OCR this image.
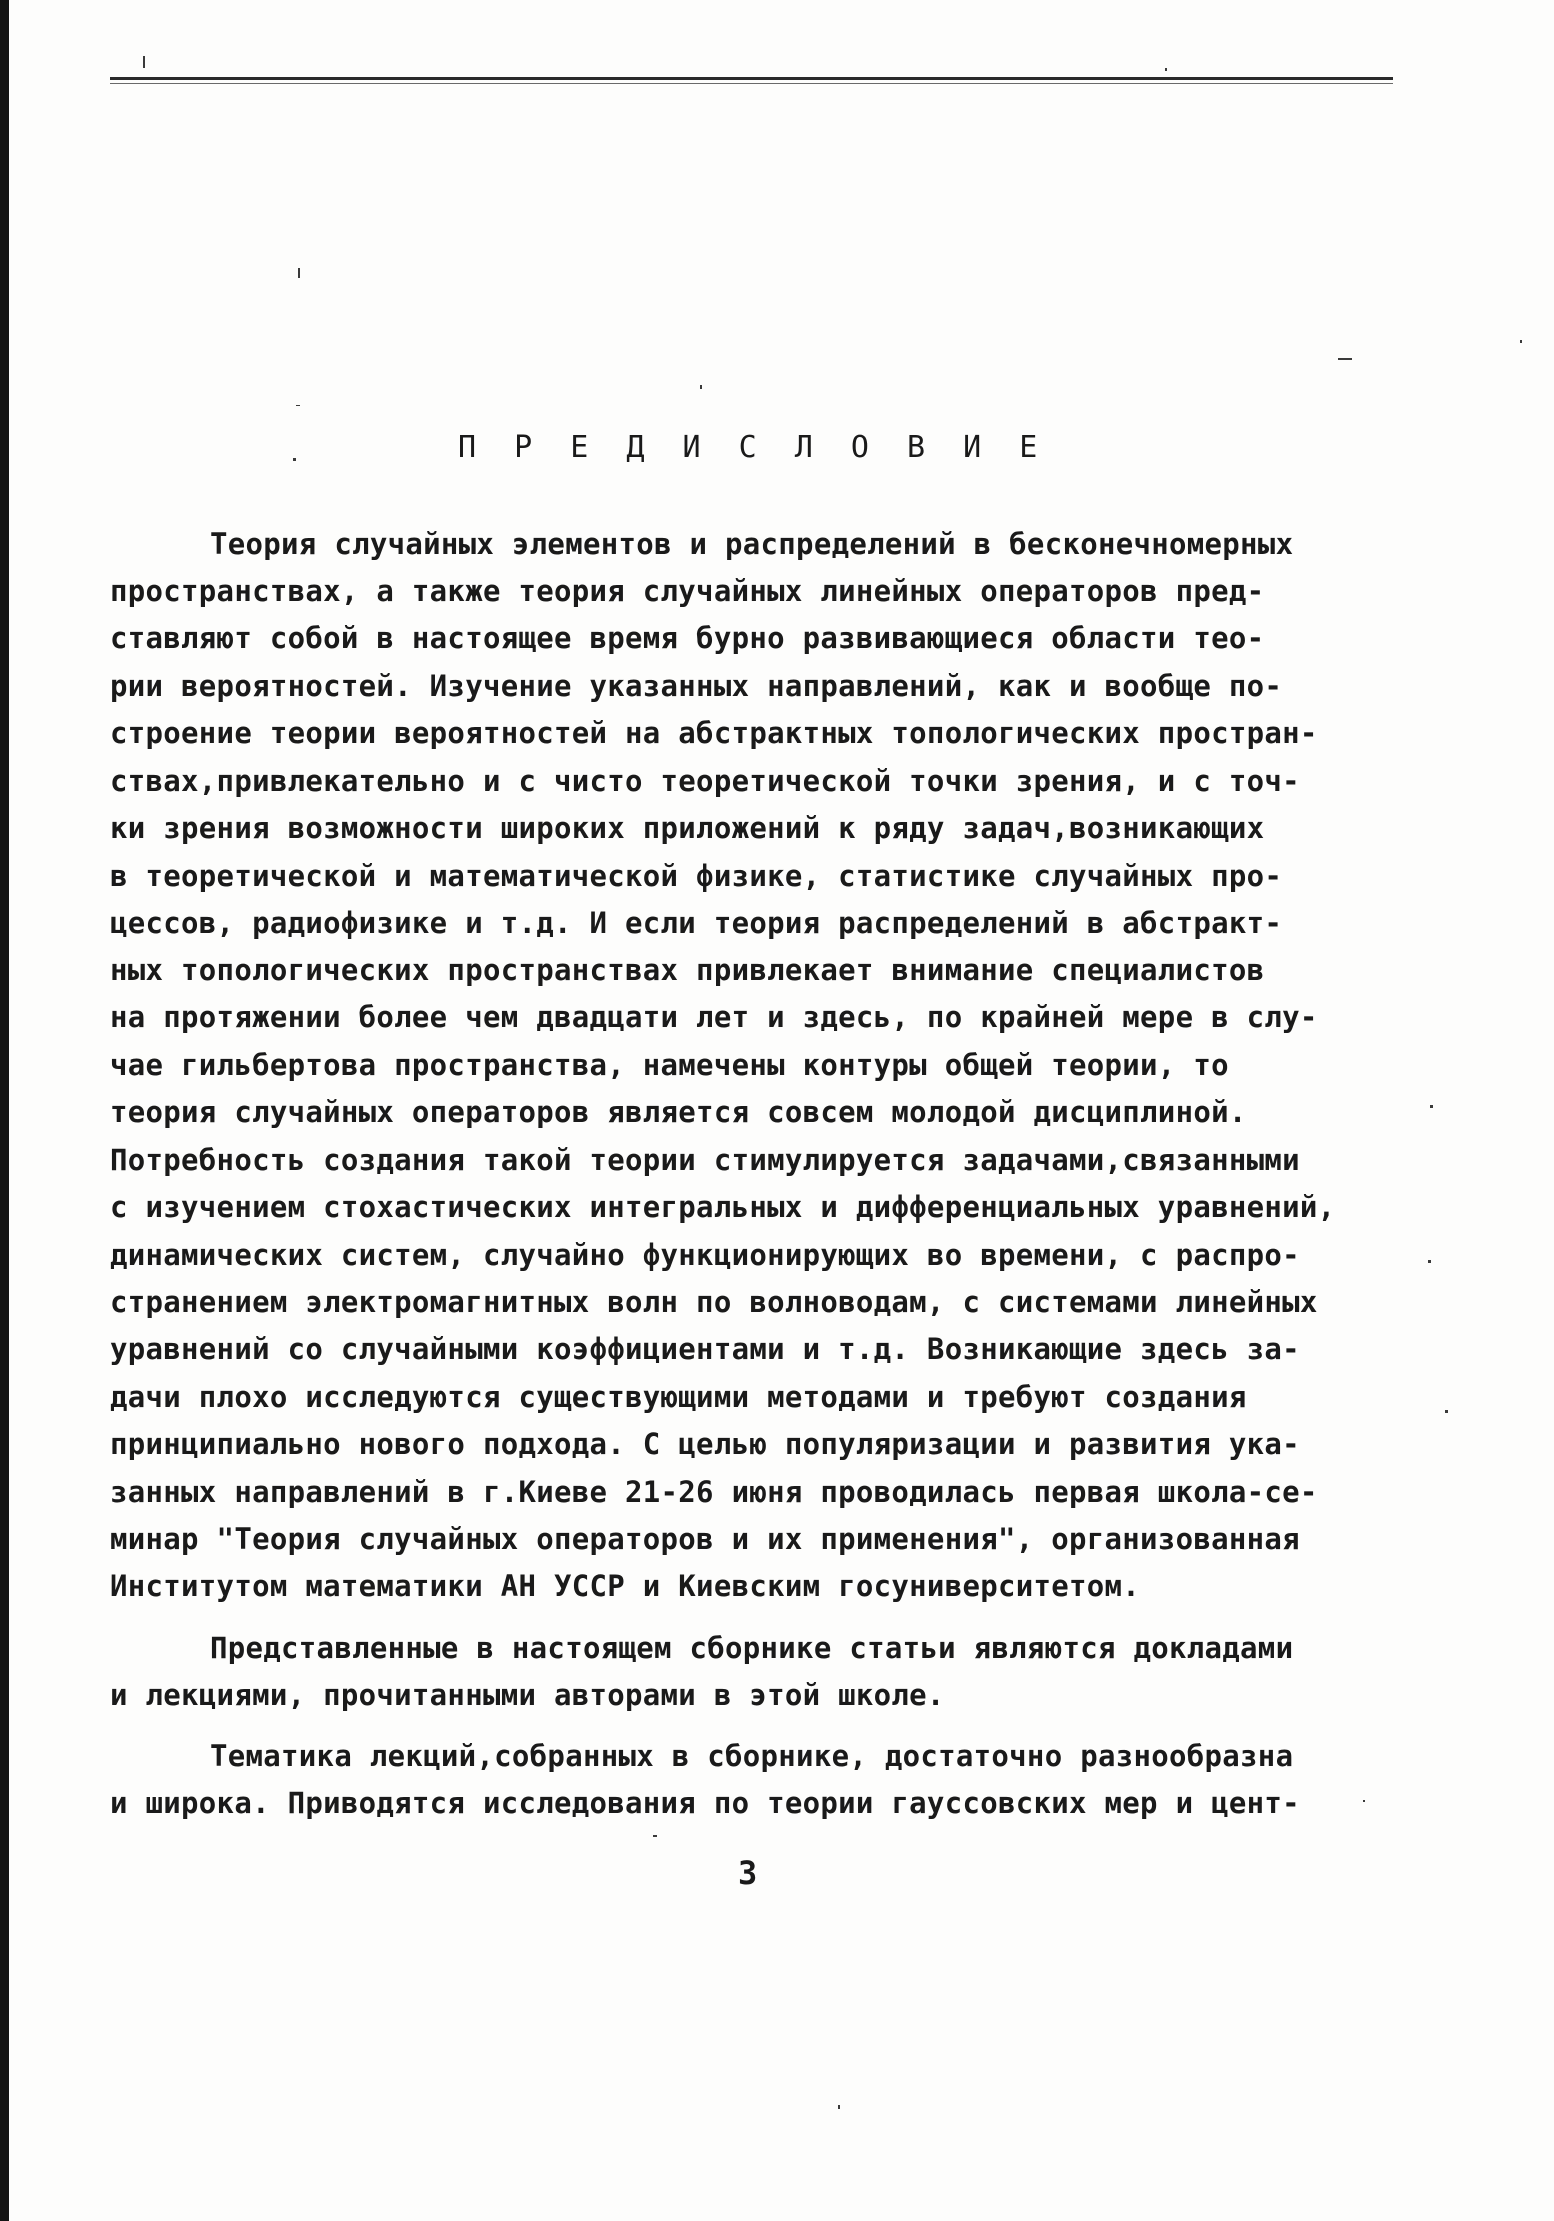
П Р Е Д И С Л О В И Е

Теория случайных элементов и распределений в бесконечномерных

пространствах, а также теория случайных линейных операторов пред-

ставляют собой в настоящее время бурно развивающиеся области тео-

рии вероятностей. Изучение указанных направлений, как и вообще по-

строение теории вероятностей на абстрактных топологических простран-

ствах,привлекательно и с чисто теоретической точки зрения, и с точ-

ки зрения возможности широких приложений к ряду задач,возникающих

в теоретической и математической физике, статистике случайных про-

цессов, радиофизике и т.д. И если теория распределений в абстракт-

ных топологических пространствах привлекает внимание специалистов

на протяжении более чем двадцати лет и здесь, по крайней мере в слу-

чае гильбертова пространства, намечены контуры общей теории, то

теория случайных операторов является совсем молодой дисциплиной.

Потребность создания такой теории стимулируется задачами,связанными

с изучением стохастических интегральных и дифференциальных уравнений,

динамических систем, случайно функционирующих во времени, с распро-

странением электромагнитных волн по волноводам, с системами линейных

уравнений со случайными коэффициентами и т.д. Возникающие здесь за-

дачи плохо исследуются существующими методами и требуют создания

принципиально нового подхода. С целью популяризации и развития ука-

занных направлений в г.Киеве 21-26 июня проводилась первая школа-се-

минар "Теория случайных операторов и их применения", организованная

Институтом математики АН УССР и Киевским госуниверситетом.

Представленные в настоящем сборнике статьи являются докладами

и лекциями, прочитанными авторами в этой школе.

Тематика лекций,собранных в сборнике, достаточно разнообразна

и широка. Приводятся исследования по теории гауссовских мер и цент-

3
